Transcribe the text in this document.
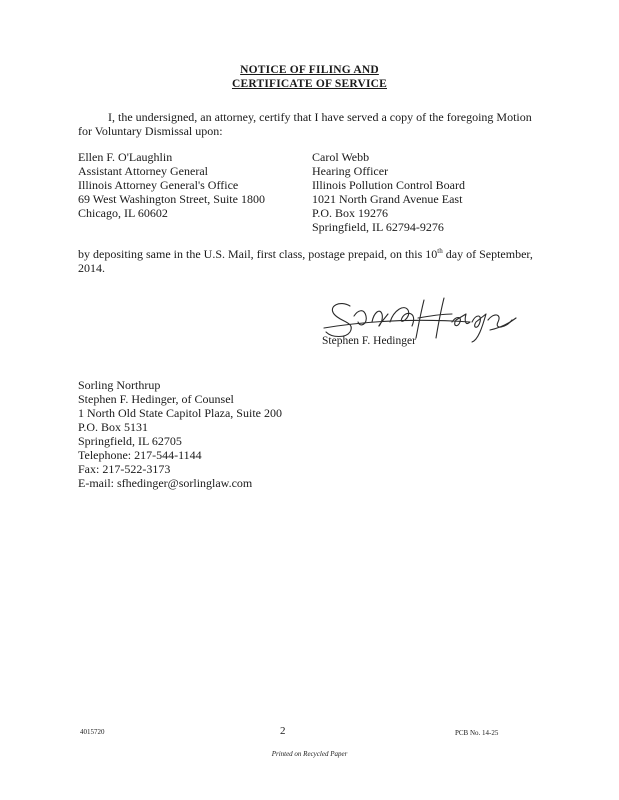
NOTICE OF FILING AND
CERTIFICATE OF SERVICE
I, the undersigned, an attorney, certify that I have served a copy of the foregoing Motion for Voluntary Dismissal upon:
Ellen F. O'Laughlin
Assistant Attorney General
Illinois Attorney General's Office
69 West Washington Street, Suite 1800
Chicago, IL 60602
Carol Webb
Hearing Officer
Illinois Pollution Control Board
1021 North Grand Avenue East
P.O. Box 19276
Springfield, IL 62794-9276
by depositing same in the U.S. Mail, first class, postage prepaid, on this 10th day of September, 2014.
Stephen F. Hedinger
Sorling Northrup
Stephen F. Hedinger, of Counsel
1 North Old State Capitol Plaza, Suite 200
P.O. Box 5131
Springfield, IL 62705
Telephone: 217-544-1144
Fax: 217-522-3173
E-mail: sfhedinger@sorlinglaw.com
4015720	2	PCB No. 14-25
Printed on Recycled Paper
